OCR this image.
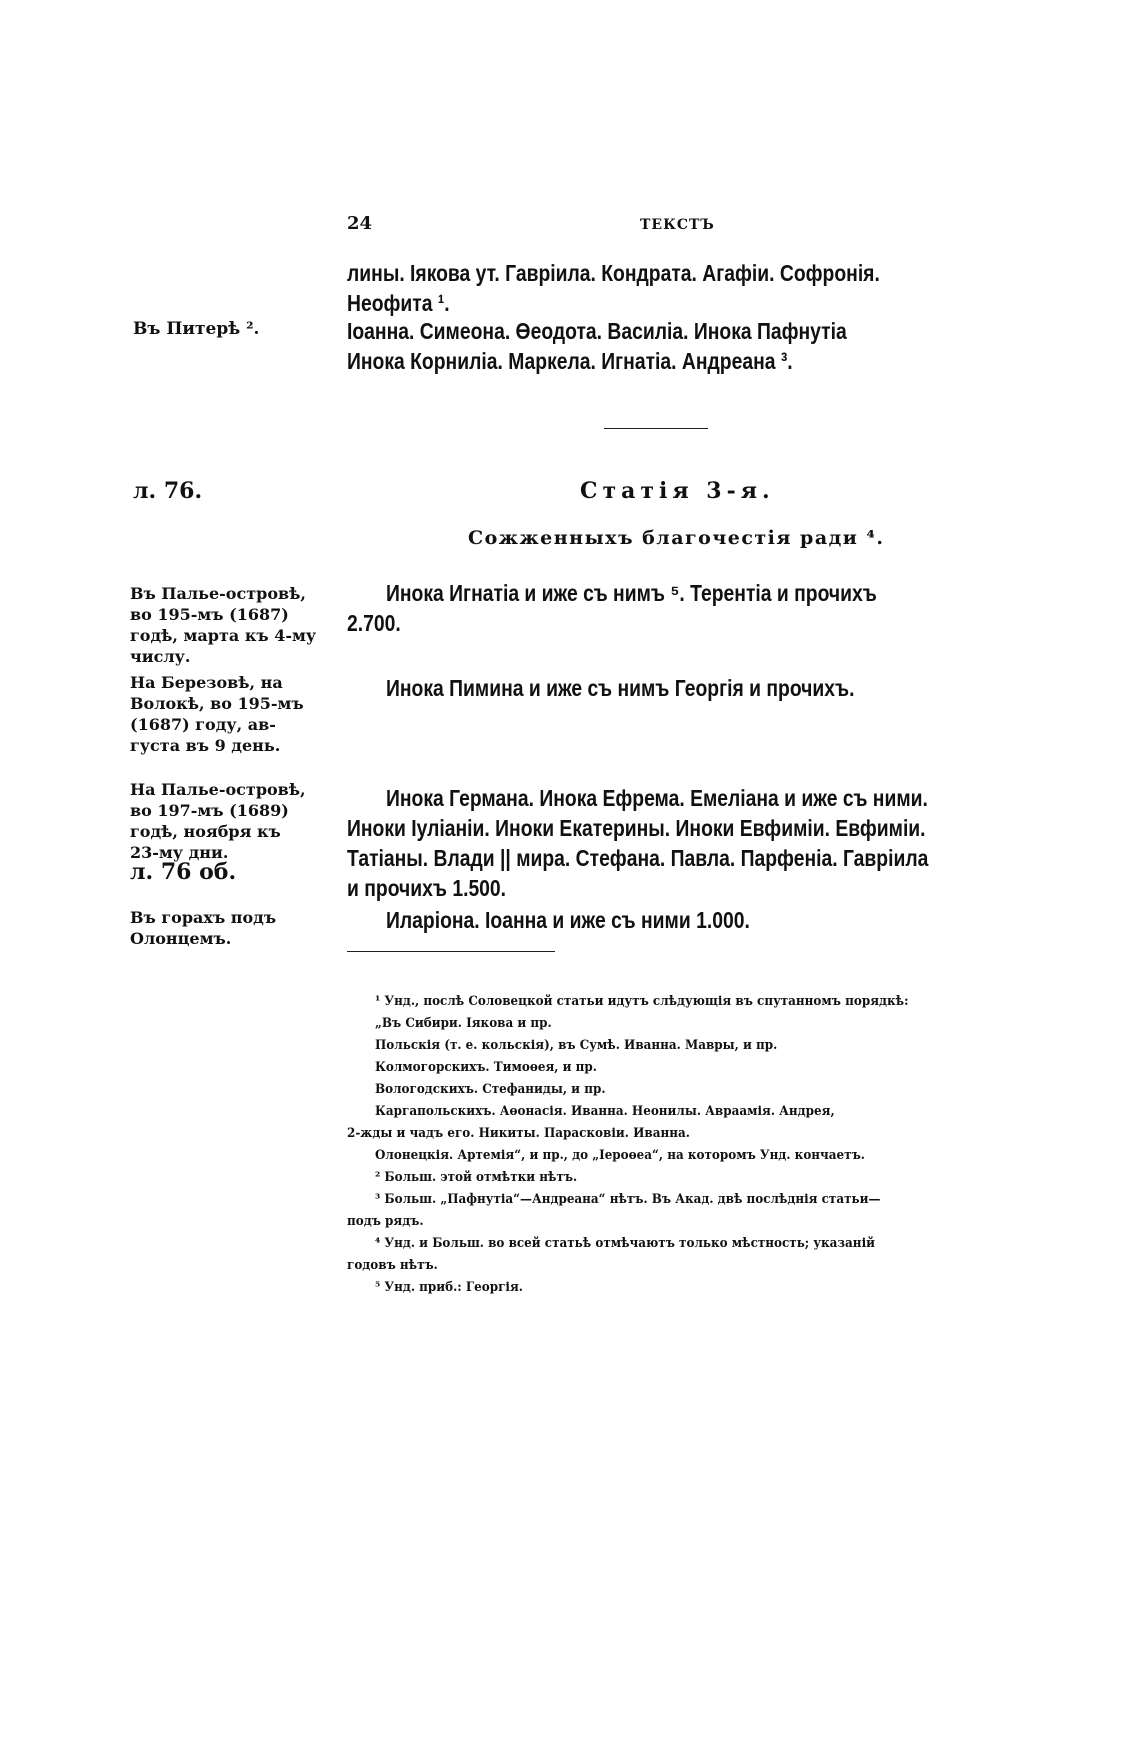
24	ТЕКСТЪ
Въ Питерѣ ².
лины. Іякова ут. Гавріила. Кондрата. Агафіи. Софронія.
Неофита ¹.
Іоанна. Симеона. Өеодота. Василіа. Инока Пафнутіа
Инока Корниліа. Маркела. Игнатіа. Андреана ³.
л. 76.	Статія 3-я.
Сожженныхъ благочестія ради ⁴.
Въ Палье-островѣ,
во 195-мъ (1687)
годѣ, марта къ 4-му
числу.
Инока Игнатіа и иже съ нимъ ⁵. Терентіа и прочихъ
2.700.
На Березовѣ, на
Волокѣ, во 195-мъ
(1687) году, ав-
густа въ 9 день.
Инока Пимина и иже съ нимъ Георгія и прочихъ.
На Палье-островѣ,
во 197-мъ (1689)
годѣ, ноября къ
23-му дни.
л. 76 об.
Инока Германа. Инока Ефрема. Емеліана и иже съ ними.
Иноки Іуліаніи. Иноки Екатерины. Иноки Евфиміи. Евфиміи.
Татіаны. Влади || мира. Стефана. Павла. Парфеніа. Гавріила
и прочихъ 1.500.
Въ горахъ подъ
Олонцемъ.
Иларіона. Іоанна и иже съ ними 1.000.
¹ Унд., послѣ Соловецкой статьи идутъ слѣдующія въ спутанномъ порядкѣ:
„Въ Сибири. Іякова и пр.
Польскія (т. е. кольскія), въ Сумѣ. Иванна. Мавры, и пр.
Колмогорскихъ. Тимоөея, и пр.
Вологодскихъ. Стефаниды, и пр.
Каргапольскихъ. Аөонасія. Иванна. Неонилы. Авраамія. Андрея,
2-жды и чадъ его. Никиты. Парасковіи. Иванна.
Олонецкія. Артемія“, и пр., до „Іероөеа“, на которомъ Унд. кончаетъ.
² Больш. этой отмѣтки нѣтъ.
³ Больш. „Пафнутіа“—Андреана“ нѣтъ. Въ Акад. двѣ послѣднія статьи—
подъ рядъ.
⁴ Унд. и Больш. во всей статьѣ отмѣчаютъ только мѣстность; указаній
годовъ нѣтъ.
⁵ Унд. приб.: Георгія.
